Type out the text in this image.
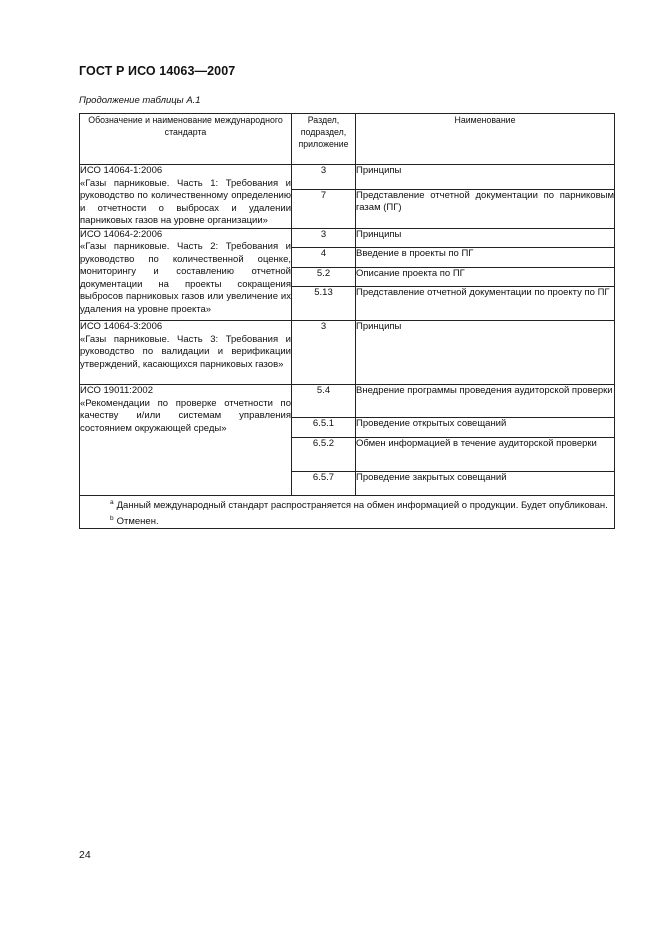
ГОСТ Р ИСО 14063—2007
Продолжение таблицы А.1
Обозначение и наименование международного стандарта	Раздел, подраздел, приложение	Наименование

ИСО 14064-1:2006
«Газы парниковые. Часть 1: Требования и руководство по количественному определению и отчетности о выбросах и удалении парниковых газов на уровне организации»	3	Принципы
	7	Представление отчетной документации по парниковым газам (ПГ)

ИСО 14064-2:2006
«Газы парниковые. Часть 2: Требования и руководство по количественной оценке, мониторингу и составлению отчетной документации на проекты сокращения выбросов парниковых газов или увеличение их удаления на уровне проекта»	3	Принципы
	4	Введение в проекты по ПГ
	5.2	Описание проекта по ПГ
	5.13	Представление отчетной документации по проекту по ПГ

ИСО 14064-3:2006
«Газы парниковые. Часть 3: Требования и руководство по валидации и верификации утверждений, касающихся парниковых газов»	3	Принципы

ИСО 19011:2002
«Рекомендации по проверке отчетности по качеству и/или системам управления состоянием окружающей среды»	5.4	Внедрение программы проведения аудиторской проверки
	6.5.1	Проведение открытых совещаний
	6.5.2	Обмен информацией в течение аудиторской проверки
	6.5.7	Проведение закрытых совещаний

$^a$ Данный международный стандарт распространяется на обмен информацией о продукции. Будет опубликован.

$^b$ Отменен.		

24
